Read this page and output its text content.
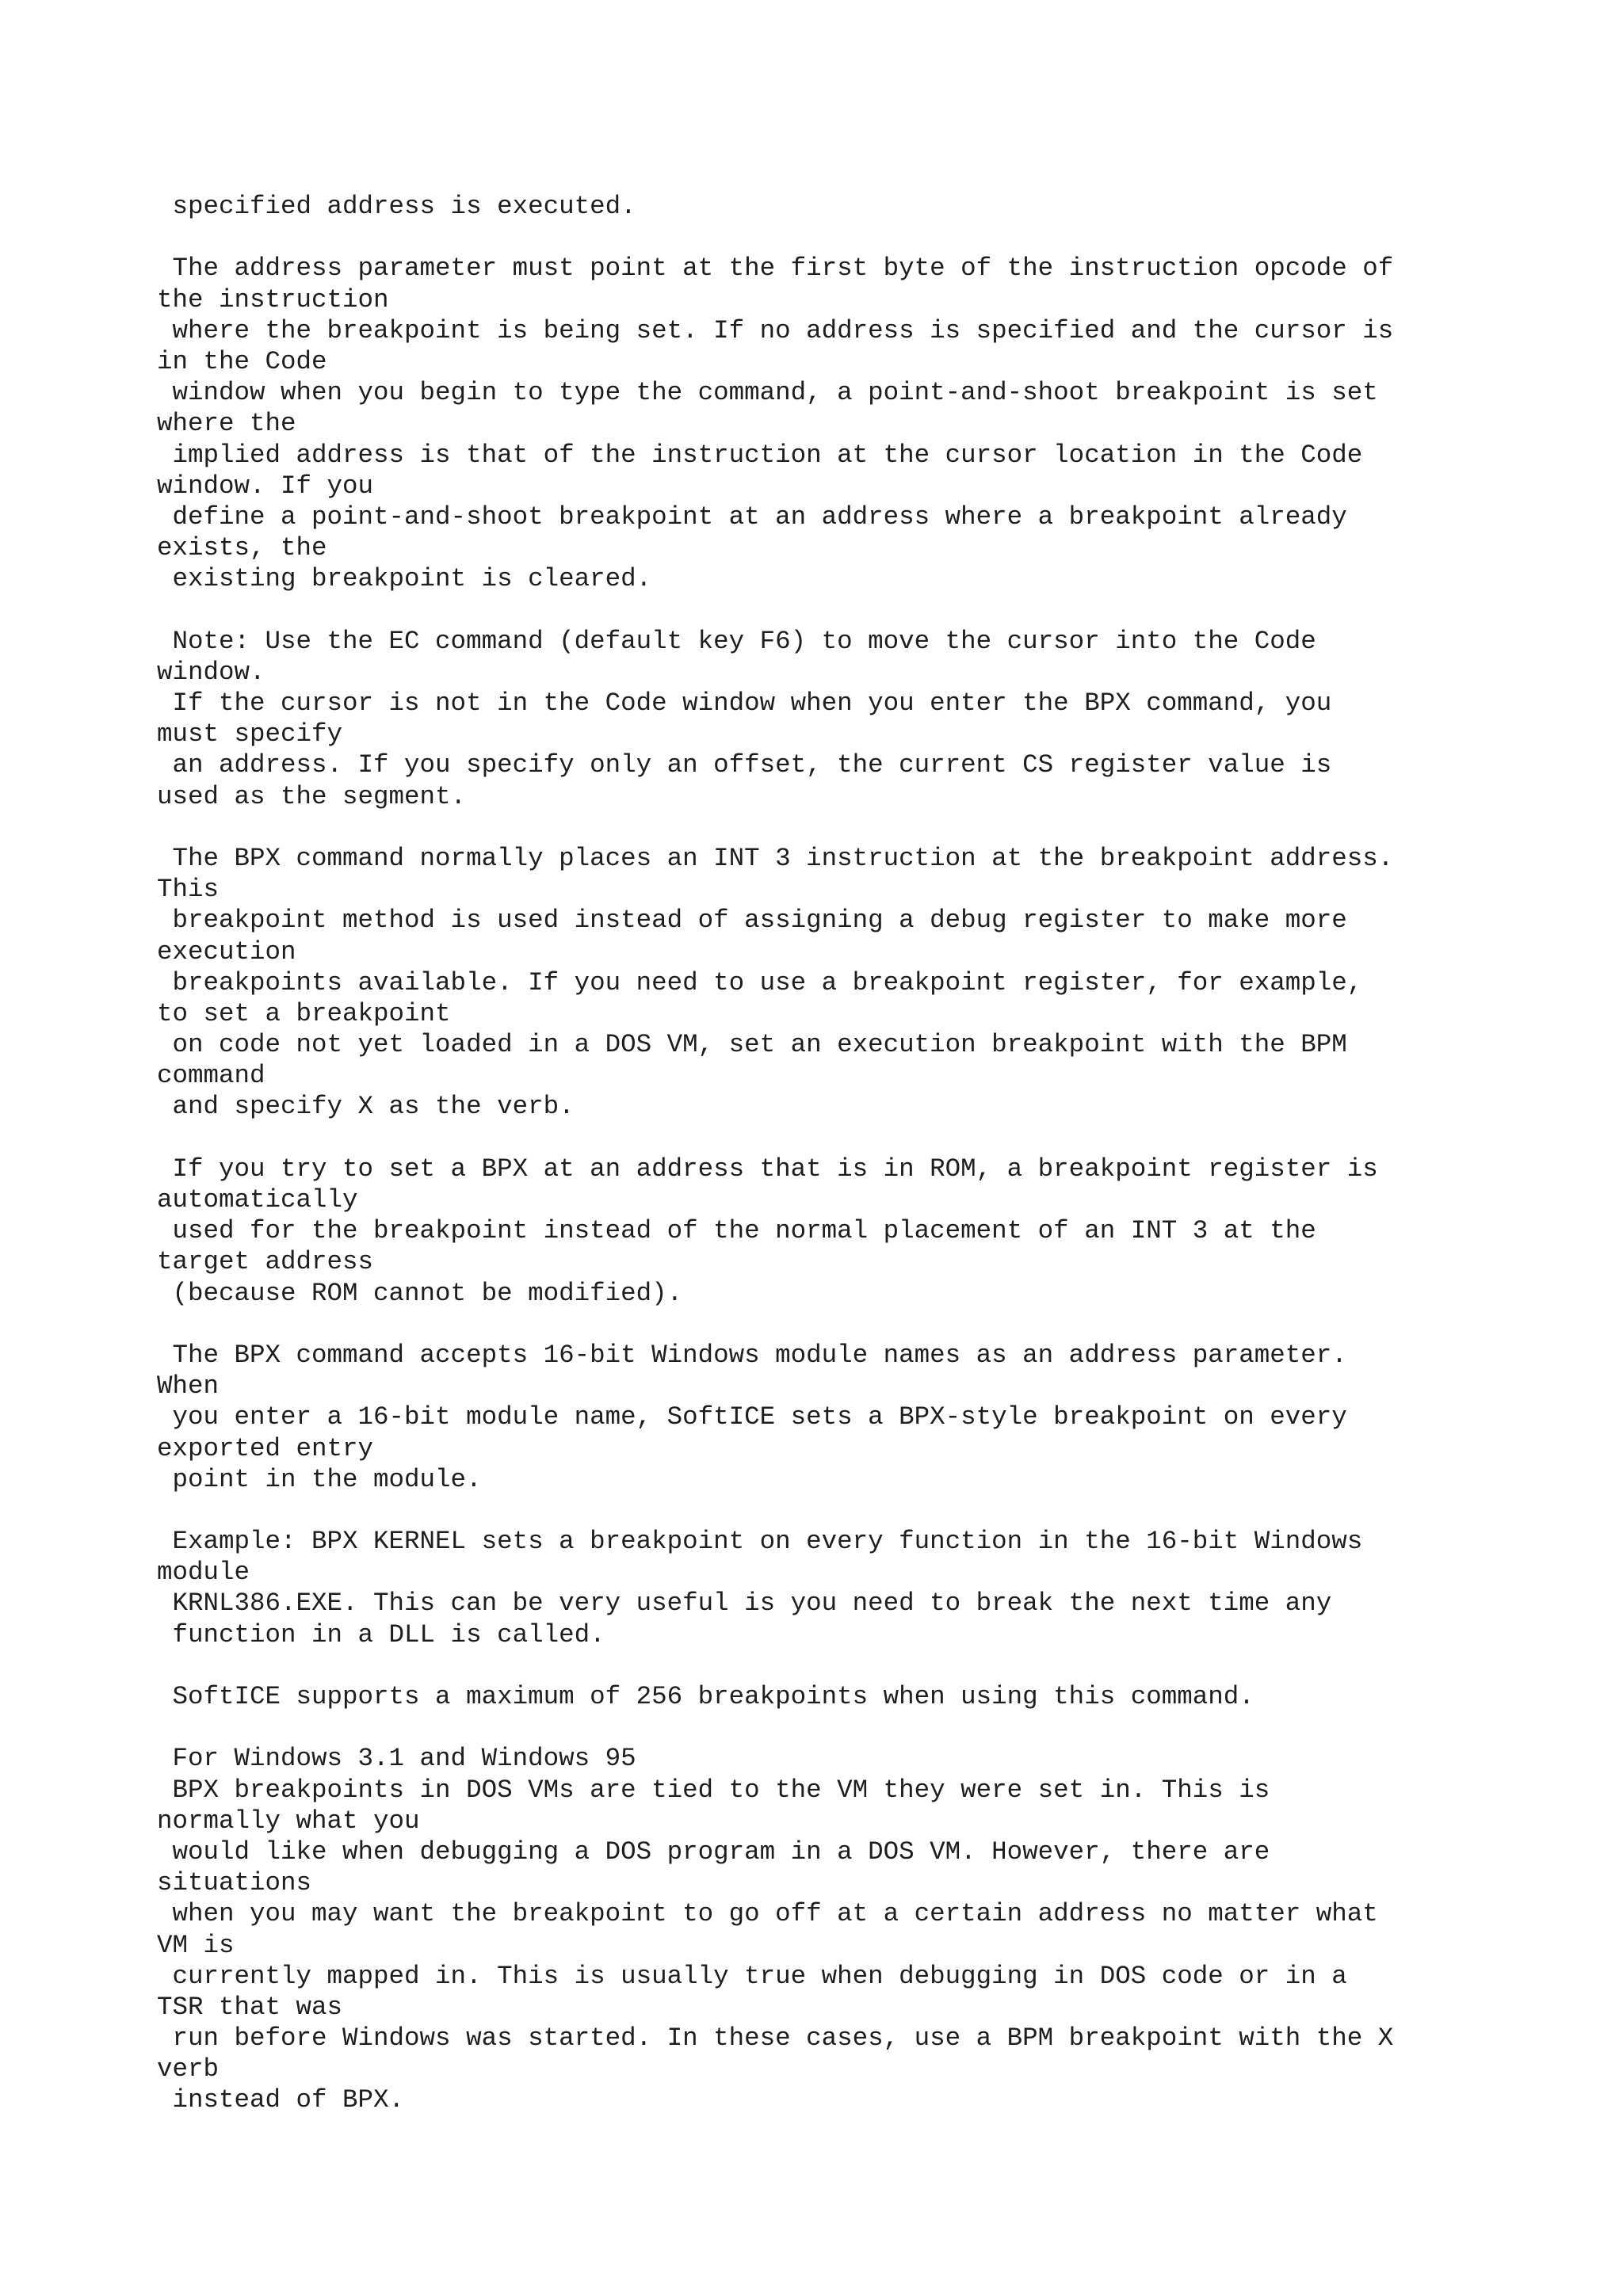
specified address is executed.
The address parameter must point at the first byte of the instruction opcode of
the instruction
where the breakpoint is being set. If no address is specified and the cursor is
in the Code
window when you begin to type the command, a point-and-shoot breakpoint is set
where the
implied address is that of the instruction at the cursor location in the Code
window. If you
define a point-and-shoot breakpoint at an address where a breakpoint already
exists, the
existing breakpoint is cleared.
Note: Use the EC command (default key F6) to move the cursor into the Code
window.
If the cursor is not in the Code window when you enter the BPX command, you
must specify
an address. If you specify only an offset, the current CS register value is
used as the segment.
The BPX command normally places an INT 3 instruction at the breakpoint address.
This
breakpoint method is used instead of assigning a debug register to make more
execution
breakpoints available. If you need to use a breakpoint register, for example,
to set a breakpoint
on code not yet loaded in a DOS VM, set an execution breakpoint with the BPM
command
and specify X as the verb.
If you try to set a BPX at an address that is in ROM, a breakpoint register is
automatically
used for the breakpoint instead of the normal placement of an INT 3 at the
target address
(because ROM cannot be modified).
The BPX command accepts 16-bit Windows module names as an address parameter.
When
you enter a 16-bit module name, SoftICE sets a BPX-style breakpoint on every
exported entry
point in the module.
Example: BPX KERNEL sets a breakpoint on every function in the 16-bit Windows
module
KRNL386.EXE. This can be very useful is you need to break the next time any
function in a DLL is called.
SoftICE supports a maximum of 256 breakpoints when using this command.
For Windows 3.1 and Windows 95
BPX breakpoints in DOS VMs are tied to the VM they were set in. This is
normally what you
would like when debugging a DOS program in a DOS VM. However, there are
situations
when you may want the breakpoint to go off at a certain address no matter what
VM is
currently mapped in. This is usually true when debugging in DOS code or in a
TSR that was
run before Windows was started. In these cases, use a BPM breakpoint with the X
verb
instead of BPX.
